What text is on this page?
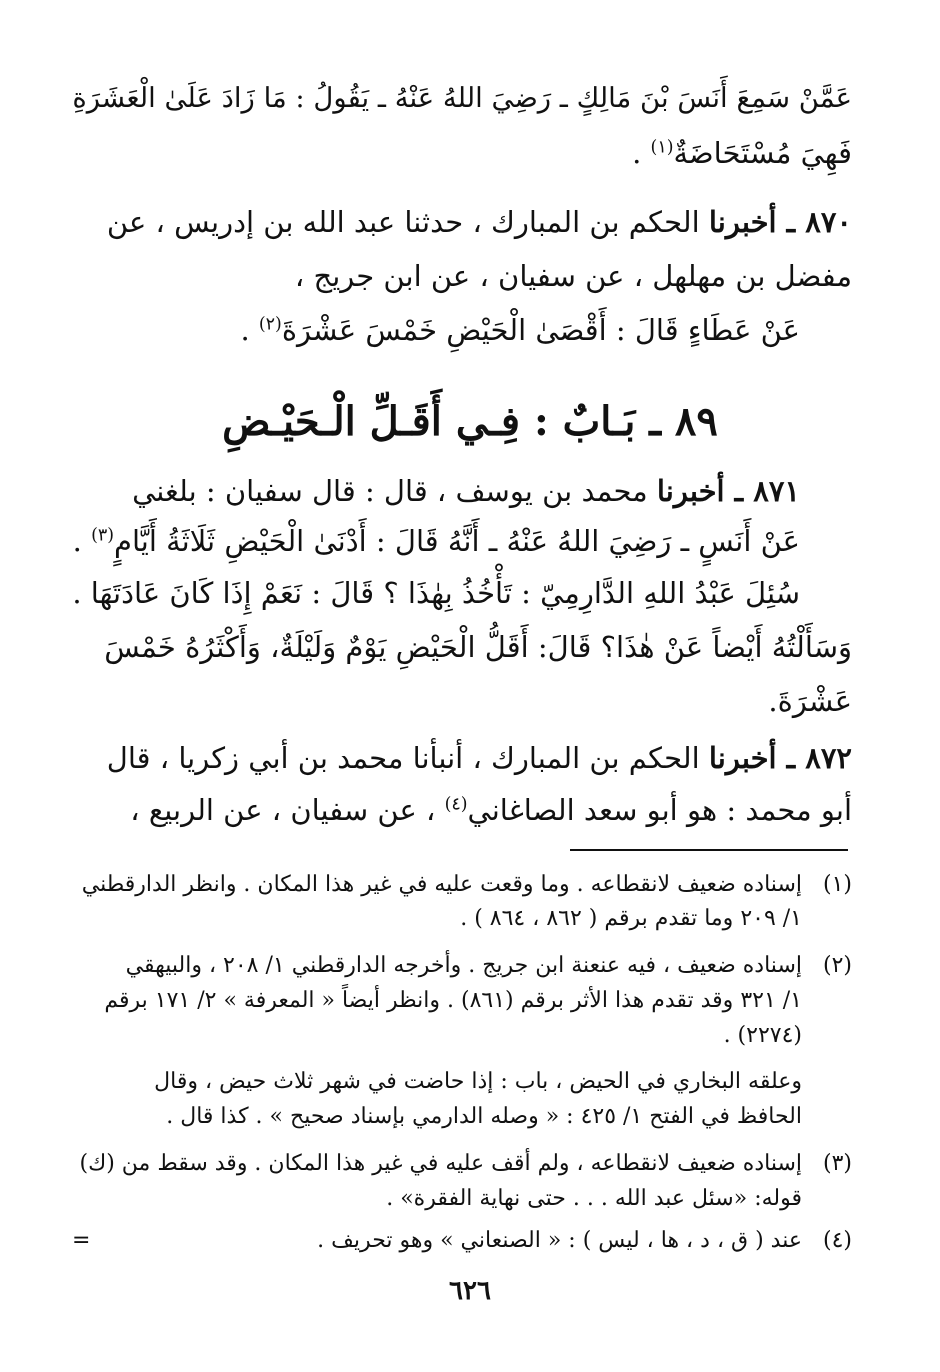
عَمَّنْ سَمِعَ أَنَسَ بْنَ مَالِكٍ ـ رَضِيَ اللهُ عَنْهُ ـ يَقُولُ : مَا زَادَ عَلَىٰ الْعَشَرَةِ
فَهِيَ مُسْتَحَاضَةٌ$^{(١)}$ .
٨٧٠ ـ أخبرنا الحكم بن المبارك ، حدثنا عبد الله بن إدريس ، عن
مفضل بن مهلهل ، عن سفيان ، عن ابن جريج ،
عَنْ عَطَاءٍ قَالَ : أَقْصَىٰ الْحَيْضِ خَمْسَ عَشْرَةَ$^{(٢)}$ .
٨٩ ـ بَـابٌ : فِـي أَقَـلِّ الْـحَيْـضِ
٨٧١ ـ أخبرنا محمد بن يوسف ، قال : قال سفيان : بلغني
عَنْ أَنَسٍ ـ رَضِيَ اللهُ عَنْهُ ـ أَنَّهُ قَالَ : أَدْنَىٰ الْحَيْضِ ثَلَاثَةُ أَيَّامٍ$^{(٣)}$ .
سُئِلَ عَبْدُ اللهِ الدَّارِمِيّ : تَأْخُذُ بِهٰذَا ؟ قَالَ : نَعَمْ إِذَا كَانَ عَادَتَهَا .
وَسَأَلْتُهُ أَيْضاً عَنْ هٰذَا؟ قَالَ: أَقَلُّ الْحَيْضِ يَوْمٌ وَلَيْلَةٌ، وَأَكْثَرُهُ خَمْسَ
عَشْرَةَ.
٨٧٢ ـ أخبرنا الحكم بن المبارك ، أنبأنا محمد بن أبي زكريا ، قال
أبو محمد : هو أبو سعد الصاغاني$^{(٤)}$ ، عن سفيان ، عن الربيع ،
(١)
إسناده ضعيف لانقطاعه . وما وقعت عليه في غير هذا المكان . وانظر الدارقطني
١/ ٢٠٩ وما تقدم برقم ( ٨٦٢ ، ٨٦٤ ) .
(٢)
إسناده ضعيف ، فيه عنعنة ابن جريج . وأخرجه الدارقطني ١/ ٢٠٨ ، والبيهقي
١/ ٣٢١ وقد تقدم هذا الأثر برقم (٨٦١) . وانظر أيضاً « المعرفة » ٢/ ١٧١ برقم
(٢٢٧٤) .
وعلقه البخاري في الحيض ، باب : إذا حاضت في شهر ثلاث حيض ، وقال
الحافظ في الفتح ١/ ٤٢٥ : « وصله الدارمي بإسناد صحيح » . كذا قال .
(٣)
إسناده ضعيف لانقطاعه ، ولم أقف عليه في غير هذا المكان . وقد سقط من (ك)
قوله: «سئل عبد الله . . . حتى نهاية الفقرة» .
(٤)
عند ( ق ، د ، ها ، ليس ) : « الصنعاني » وهو تحريف .
=
٦٢٦
